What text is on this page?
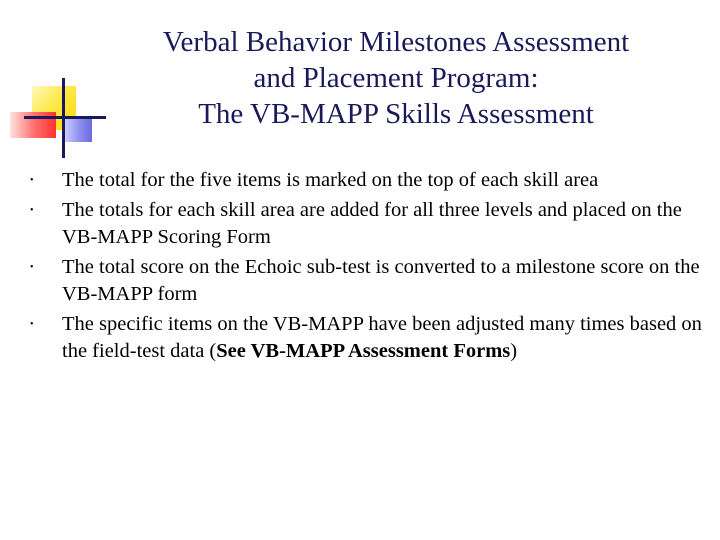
Verbal Behavior Milestones Assessment
and Placement Program:
The VB-MAPP Skills Assessment
• The total for the five items is marked on the top of each skill area
• The totals for each skill area are added for all three levels and placed on the VB-MAPP Scoring Form
• The total score on the Echoic sub-test is converted to a milestone score on the VB-MAPP form
• The specific items on the VB-MAPP have been adjusted many times based on the field-test data (See VB-MAPP Assessment Forms)
